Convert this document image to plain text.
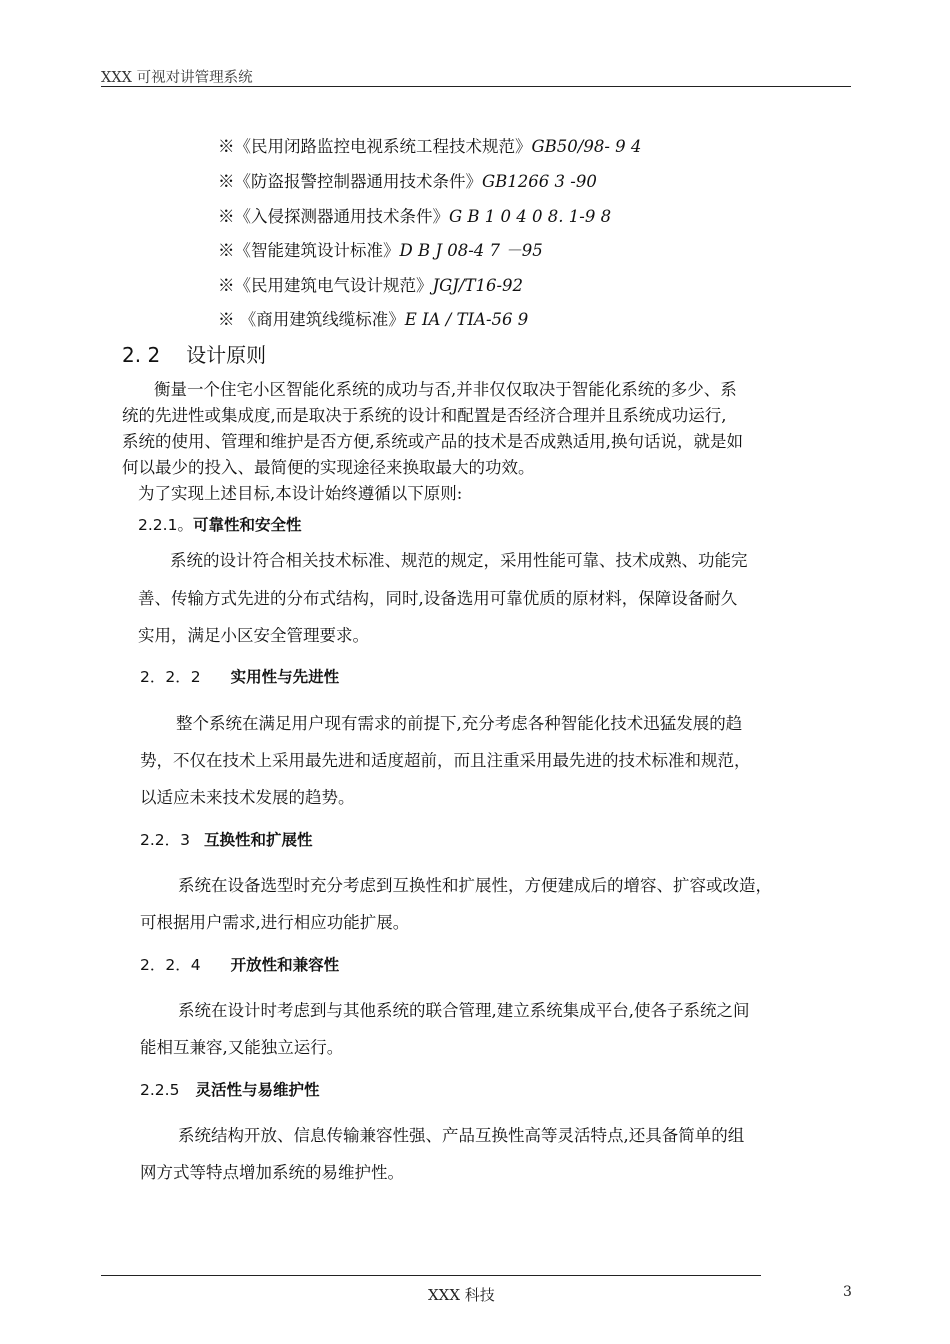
XXX 可视对讲管理系统
※《民用闭路监控电视系统工程技术规范》GB50/98- 9 4
※《防盗报警控制器通用技术条件》GB1266 3 -90
※《入侵探测器通用技术条件》G B 1 0 4 0 8. 1-9 8
※《智能建筑设计标准》D B J 08-4 7 －95
※《民用建筑电气设计规范》JGJ/T16-92
※ 《商用建筑线缆标准》E IA / TIA-56 9
2. 2 设计原则
衡量一个住宅小区智能化系统的成功与否,并非仅仅取决于智能化系统的多少、系
统的先进性或集成度,而是取决于系统的设计和配置是否经济合理并且系统成功运行,
系统的使用、管理和维护是否方便,系统或产品的技术是否成熟适用,换句话说，就是如
何以最少的投入、最简便的实现途径来换取最大的功效。
为了实现上述目标,本设计始终遵循以下原则:
2.2.1。可靠性和安全性
系统的设计符合相关技术标准、规范的规定，采用性能可靠、技术成熟、功能完
善、传输方式先进的分布式结构，同时,设备选用可靠优质的原材料，保障设备耐久
实用，满足小区安全管理要求。
2．2．2 实用性与先进性
整个系统在满足用户现有需求的前提下,充分考虑各种智能化技术迅猛发展的趋
势，不仅在技术上采用最先进和适度超前，而且注重采用最先进的技术标准和规范，
以适应未来技术发展的趋势。
2.2．3 互换性和扩展性
系统在设备选型时充分考虑到互换性和扩展性，方便建成后的增容、扩容或改造，
可根据用户需求,进行相应功能扩展。
2．2．4 开放性和兼容性
系统在设计时考虑到与其他系统的联合管理,建立系统集成平台,使各子系统之间
能相互兼容,又能独立运行。
2.2.5 灵活性与易维护性
系统结构开放、信息传输兼容性强、产品互换性高等灵活特点,还具备简单的组
网方式等特点增加系统的易维护性。
XXX 科技	3
